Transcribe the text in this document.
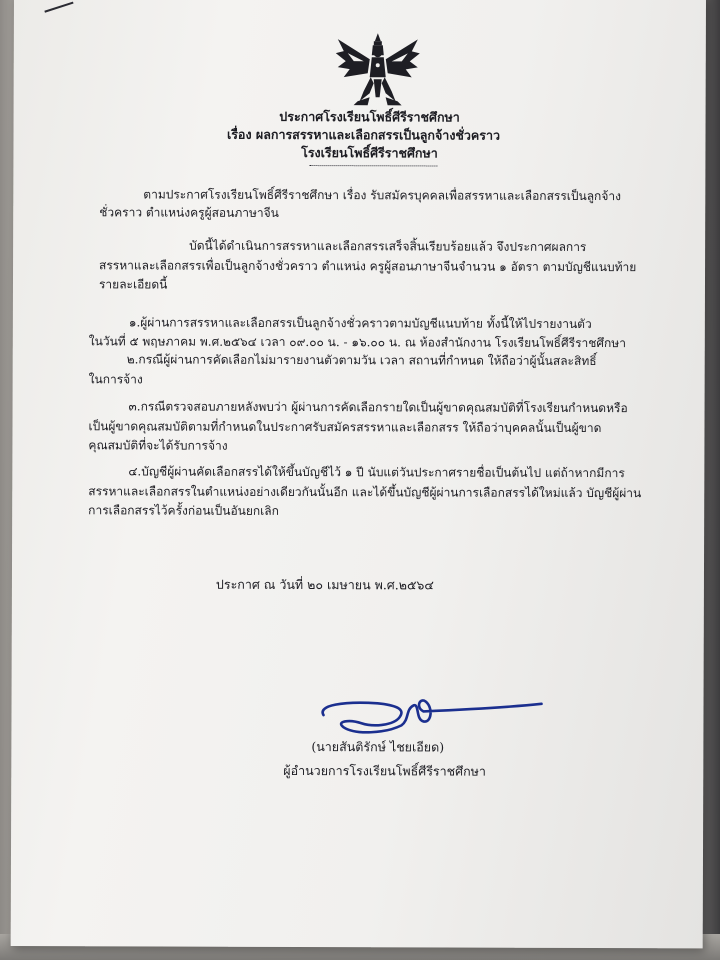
ประกาศโรงเรียนโพธิ์ศีรีราชศึกษา
เรื่อง ผลการสรรหาและเลือกสรรเป็นลูกจ้างชั่วคราว
โรงเรียนโพธิ์ศีรีราชศึกษา
ตามประกาศโรงเรียนโพธิ์ศีรีราชศึกษา เรื่อง รับสมัครบุคคลเพื่อสรรหาและเลือกสรรเป็นลูกจ้าง
ชั่วคราว ตำแหน่งครูผู้สอนภาษาจีน
บัดนี้ได้ดำเนินการสรรหาและเลือกสรรเสร็จสิ้นเรียบร้อยแล้ว จึงประกาศผลการ
สรรหาและเลือกสรรเพื่อเป็นลูกจ้างชั่วคราว ตำแหน่ง ครูผู้สอนภาษาจีนจำนวน ๑ อัตรา ตามบัญชีแนบท้าย
รายละเอียดนี้
๑.ผู้ผ่านการสรรหาและเลือกสรรเป็นลูกจ้างชั่วคราวตามบัญชีแนบท้าย ทั้งนี้ให้ไปรายงานตัว
ในวันที่ ๕ พฤษภาคม พ.ศ.๒๕๖๔ เวลา ๐๙.๐๐ น. - ๑๖.๐๐ น. ณ ห้องสำนักงาน โรงเรียนโพธิ์ศีรีราชศึกษา
๒.กรณีผู้ผ่านการคัดเลือกไม่มารายงานตัวตามวัน เวลา สถานที่กำหนด ให้ถือว่าผู้นั้นสละสิทธิ์
ในการจ้าง
๓.กรณีตรวจสอบภายหลังพบว่า ผู้ผ่านการคัดเลือกรายใดเป็นผู้ขาดคุณสมบัติที่โรงเรียนกำหนดหรือ
เป็นผู้ขาดคุณสมบัติตามที่กำหนดในประกาศรับสมัครสรรหาและเลือกสรร ให้ถือว่าบุคคลนั้นเป็นผู้ขาด
คุณสมบัติที่จะได้รับการจ้าง
๔.บัญชีผู้ผ่านคัดเลือกสรรได้ให้ขึ้นบัญชีไว้ ๑ ปี นับแต่วันประกาศรายชื่อเป็นต้นไป แต่ถ้าหากมีการ
สรรหาและเลือกสรรในตำแหน่งอย่างเดียวกันนั้นอีก และได้ขึ้นบัญชีผู้ผ่านการเลือกสรรได้ใหม่แล้ว บัญชีผู้ผ่าน
การเลือกสรรไว้ครั้งก่อนเป็นอันยกเลิก
ประกาศ ณ วันที่ ๒๐ เมษายน พ.ศ.๒๕๖๔
(นายสันติรักษ์ ไชยเอียด)
ผู้อำนวยการโรงเรียนโพธิ์ศีรีราชศึกษา
